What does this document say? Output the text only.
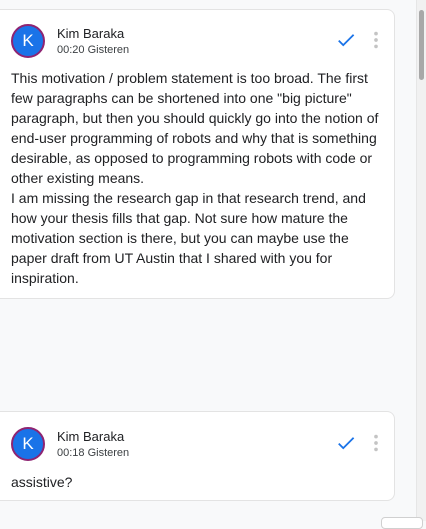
K	Kim Baraka
00:20 Gisteren

This motivation / problem statement is too broad. The first few paragraphs can be shortened into one "big picture" paragraph, but then you should quickly go into the notion of end-user programming of robots and why that is something desirable, as opposed to programming robots with code or other existing means.
I am missing the research gap in that research trend, and how your thesis fills that gap. Not sure how mature the motivation section is there, but you can maybe use the paper draft from UT Austin that I shared with you for inspiration.

K	Kim Baraka
00:18 Gisteren

assistive?
